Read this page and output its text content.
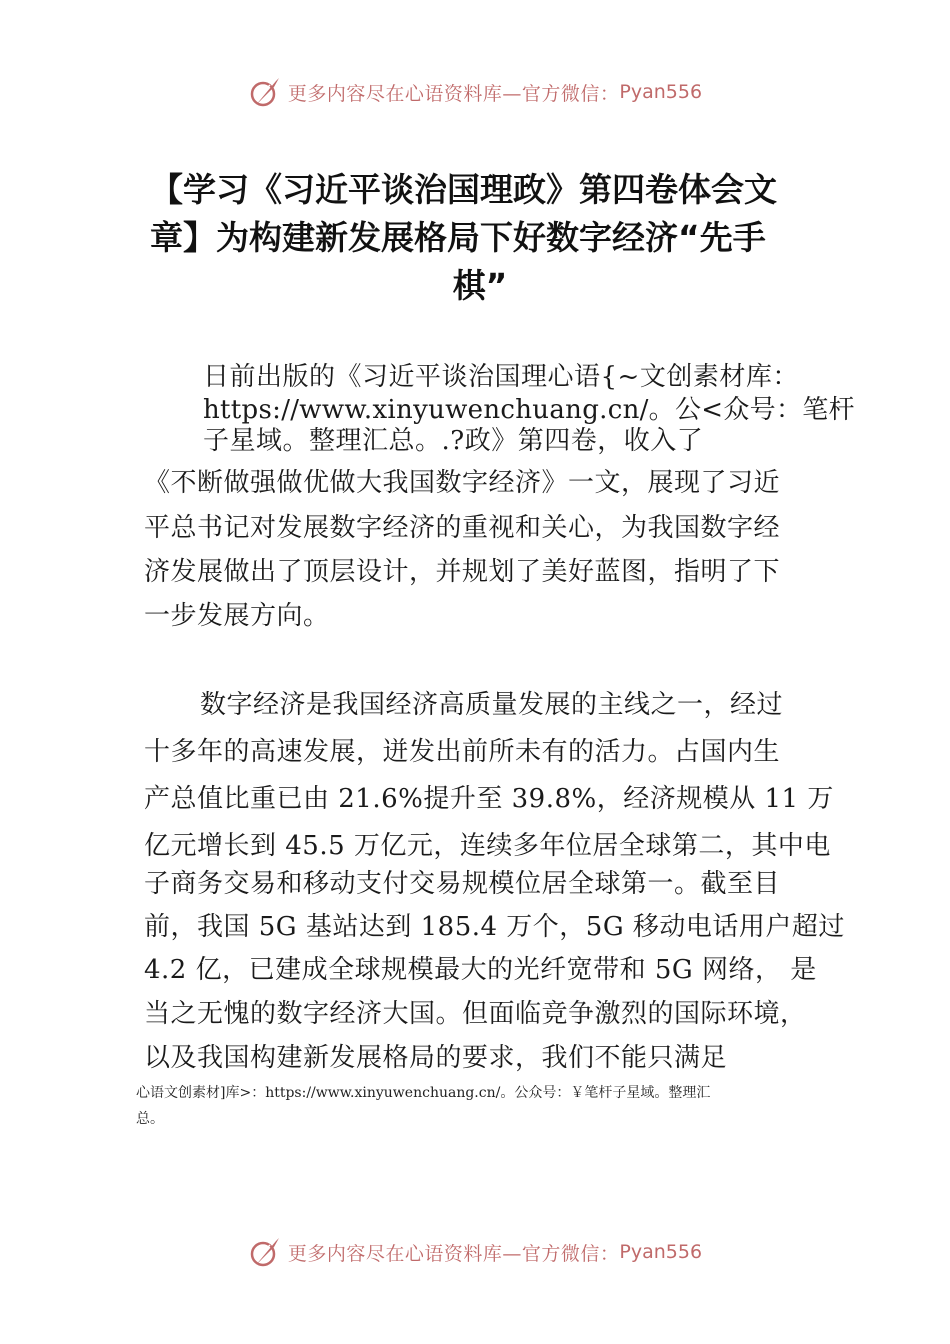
更多内容尽在心语资料库—官方微信： Pyan556
【学习《习近平谈治国理政》第四卷体会文
章】为构建新发展格局下好数字经济“先手
棋”
日前出版的《习近平谈治国理心语{~文创素材库：
https://www.xinyuwenchuang.cn/。公<众号：笔杆
子星域。整理汇总。.?政》第四卷，收入了
《不断做强做优做大我国数字经济》一文，展现了习近
平总书记对发展数字经济的重视和关心，为我国数字经
济发展做出了顶层设计，并规划了美好蓝图，指明了下
一步发展方向。
数字经济是我国经济高质量发展的主线之一，经过
十多年的高速发展，迸发出前所未有的活力。占国内生
产总值比重已由 21.6%提升至 39.8%，经济规模从 11 万
亿元增长到 45.5 万亿元，连续多年位居全球第二，其中电
子商务交易和移动支付交易规模位居全球第一。截至目
前，我国 5G 基站达到 185.4 万个，5G 移动电话用户超过
4.2 亿，已建成全球规模最大的光纤宽带和 5G 网络， 是
当之无愧的数字经济大国。但面临竞争激烈的国际环境，
以及我国构建新发展格局的要求，我们不能只满足
心语文创素材]库>：https://www.xinyuwenchuang.cn/。公众号：￥笔杆子星域。整理汇
总。
更多内容尽在心语资料库—官方微信： Pyan556
